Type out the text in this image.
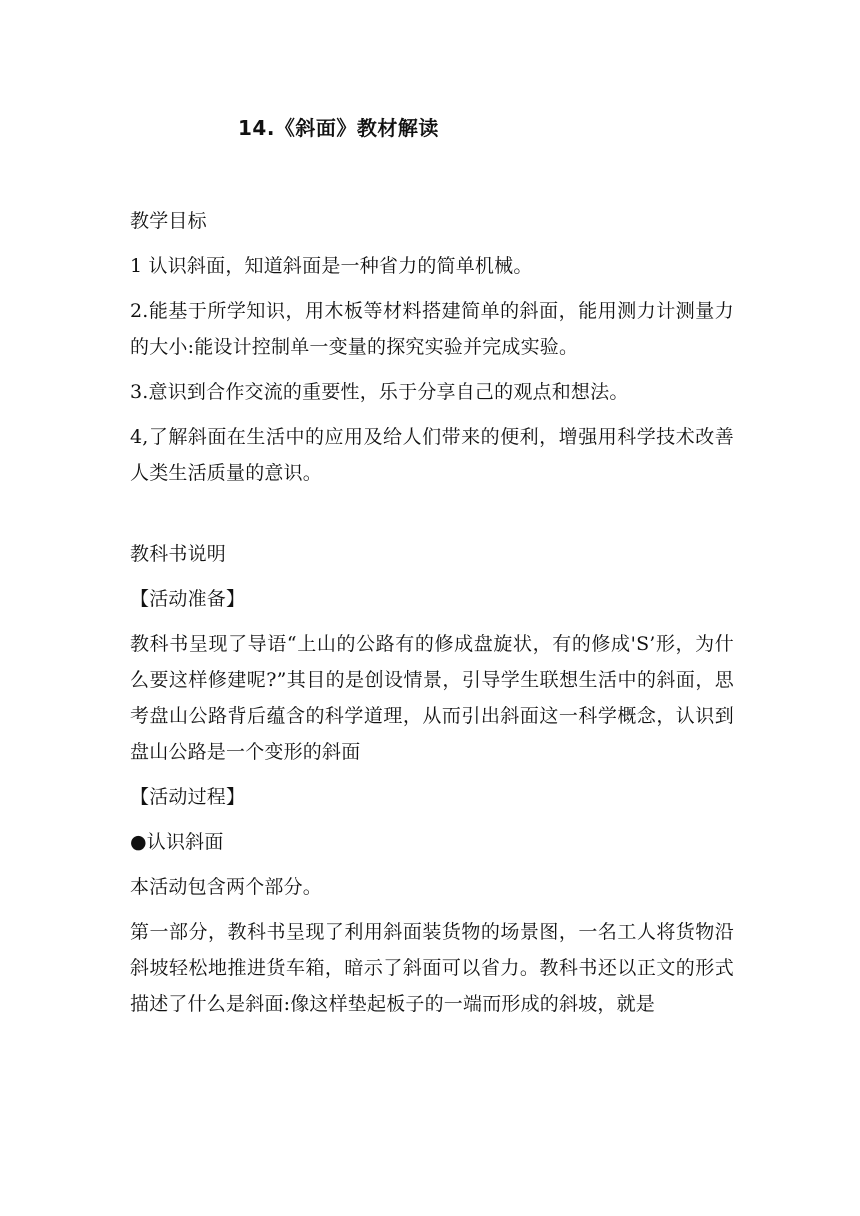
14.《斜面》教材解读

教学目标

1 认识斜面，知道斜面是一种省力的简单机械。

2.能基于所学知识，用木板等材料搭建简单的斜面，能用测力计测量力的大小:能设计控制单一变量的探究实验并完成实验。

3.意识到合作交流的重要性，乐于分享自己的观点和想法。

4,了解斜面在生活中的应用及给人们带来的便利，增强用科学技术改善人类生活质量的意识。

教科书说明

【活动准备】

教科书呈现了导语“上山的公路有的修成盘旋状，有的修成'S’形，为什么要这样修建呢?”其目的是创设情景，引导学生联想生活中的斜面，思考盘山公路背后蕴含的科学道理，从而引出斜面这一科学概念，认识到盘山公路是一个变形的斜面

【活动过程】

●认识斜面

本活动包含两个部分。

第一部分，教科书呈现了利用斜面装货物的场景图，一名工人将货物沿斜坡轻松地推进货车箱，暗示了斜面可以省力。教科书还以正文的形式描述了什么是斜面:像这样垫起板子的一端而形成的斜坡，就是
